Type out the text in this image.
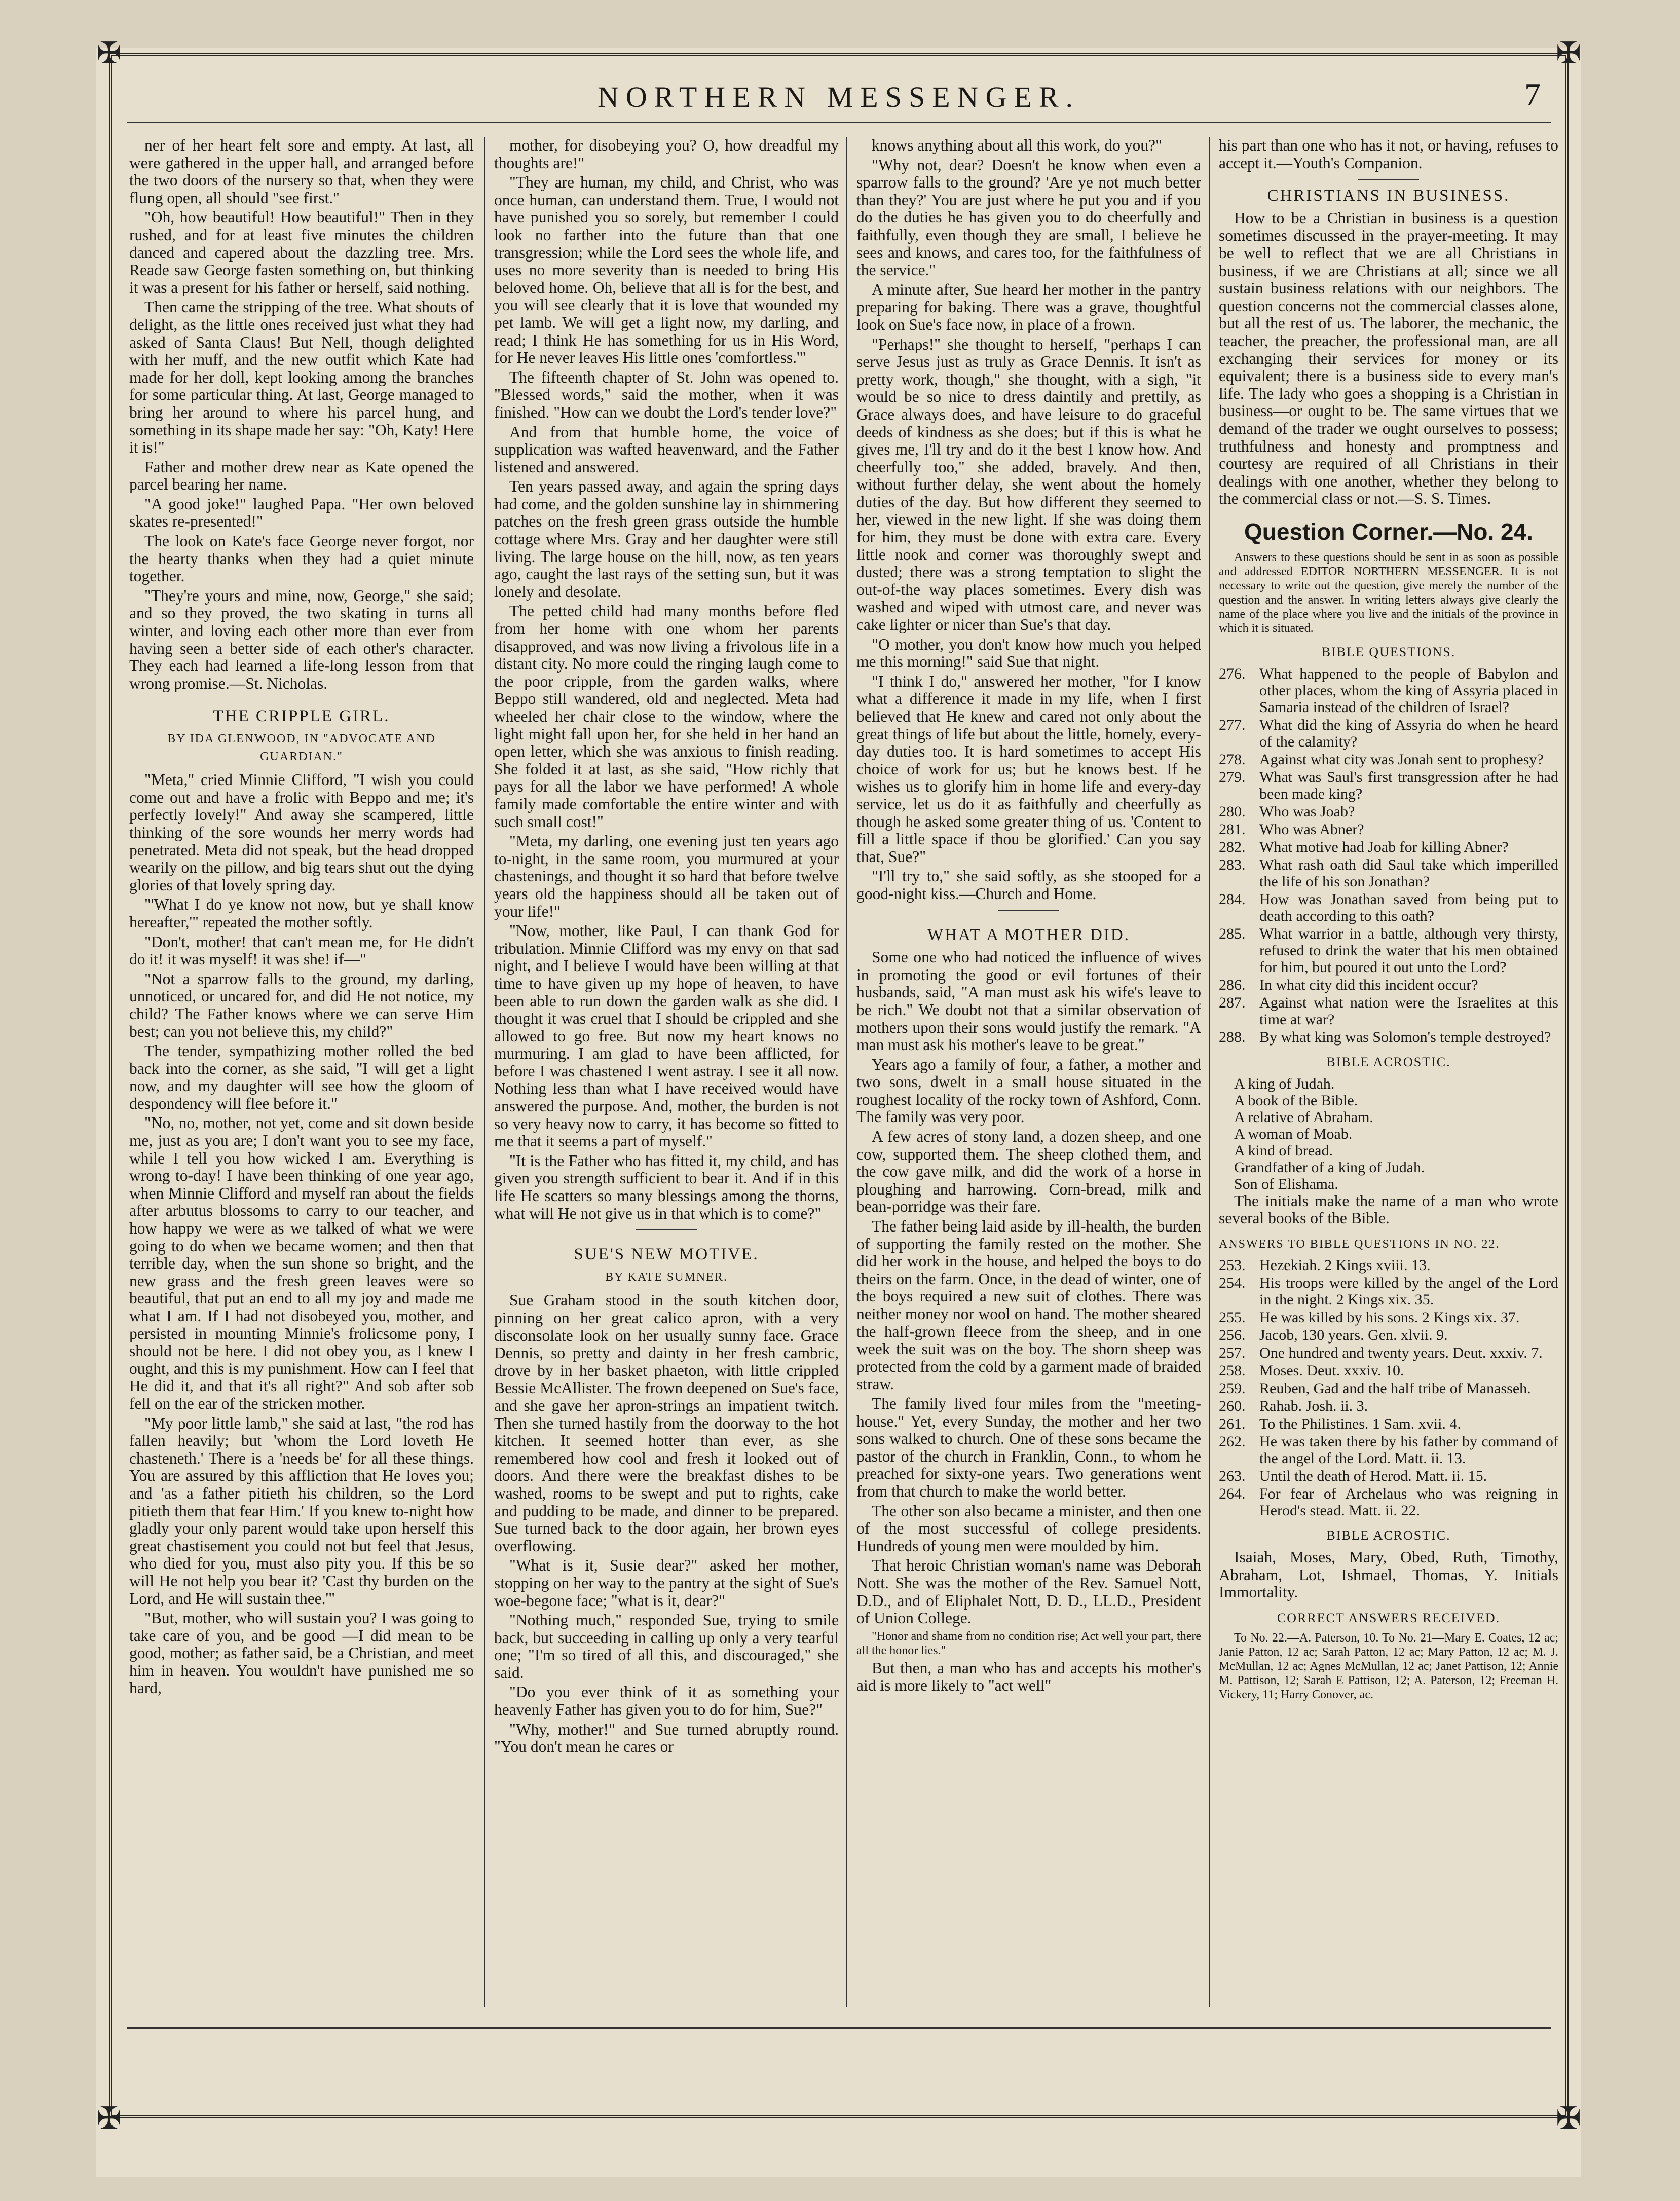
✠	✠
✠	✠
NORTHERN MESSENGER.	7

ner of her heart felt sore and empty. At last, all were gathered in the upper hall, and arranged before the two doors of the nursery so that, when they were flung open, all should "see first."

"Oh, how beautiful! How beautiful!" Then in they rushed, and for at least five minutes the children danced and capered about the dazzling tree. Mrs. Reade saw George fasten something on, but thinking it was a present for his father or herself, said nothing.

Then came the stripping of the tree. What shouts of delight, as the little ones received just what they had asked of Santa Claus! But Nell, though delighted with her muff, and the new outfit which Kate had made for her doll, kept looking among the branches for some particular thing. At last, George managed to bring her around to where his parcel hung, and something in its shape made her say: "Oh, Katy! Here it is!"

Father and mother drew near as Kate opened the parcel bearing her name.

"A good joke!" laughed Papa. "Her own beloved skates re-presented!"

The look on Kate's face George never forgot, nor the hearty thanks when they had a quiet minute together.

"They're yours and mine, now, George," she said; and so they proved, the two skating in turns all winter, and loving each other more than ever from having seen a better side of each other's character. They each had learned a life-long lesson from that wrong promise.—St. Nicholas.

THE CRIPPLE GIRL.
BY IDA GLENWOOD, IN "ADVOCATE AND GUARDIAN."

"Meta," cried Minnie Clifford, "I wish you could come out and have a frolic with Beppo and me; it's perfectly lovely!" And away she scampered, little thinking of the sore wounds her merry words had penetrated. Meta did not speak, but the head dropped wearily on the pillow, and big tears shut out the dying glories of that lovely spring day.

"'What I do ye know not now, but ye shall know hereafter,'" repeated the mother softly.

"Don't, mother! that can't mean me, for He didn't do it! it was myself! it was she! if—"

"Not a sparrow falls to the ground, my darling, unnoticed, or uncared for, and did He not notice, my child? The Father knows where we can serve Him best; can you not believe this, my child?"

The tender, sympathizing mother rolled the bed back into the corner, as she said, "I will get a light now, and my daughter will see how the gloom of despondency will flee before it."

"No, no, mother, not yet, come and sit down beside me, just as you are; I don't want you to see my face, while I tell you how wicked I am. Everything is wrong to-day! I have been thinking of one year ago, when Minnie Clifford and myself ran about the fields after arbutus blossoms to carry to our teacher, and how happy we were as we talked of what we were going to do when we became women; and then that terrible day, when the sun shone so bright, and the new grass and the fresh green leaves were so beautiful, that put an end to all my joy and made me what I am. If I had not disobeyed you, mother, and persisted in mounting Minnie's frolicsome pony, I should not be here. I did not obey you, as I knew I ought, and this is my punishment. How can I feel that He did it, and that it's all right?" And sob after sob fell on the ear of the stricken mother.

"My poor little lamb," she said at last, "the rod has fallen heavily; but 'whom the Lord loveth He chasteneth.' There is a 'needs be' for all these things. You are assured by this affliction that He loves you; and 'as a father pitieth his children, so the Lord pitieth them that fear Him.' If you knew to-night how gladly your only parent would take upon herself this great chastisement you could not but feel that Jesus, who died for you, must also pity you. If this be so will He not help you bear it? 'Cast thy burden on the Lord, and He will sustain thee.'"

"But, mother, who will sustain you? I was going to take care of you, and be good —I did mean to be good, mother; as father said, be a Christian, and meet him in heaven. You wouldn't have punished me so hard,

mother, for disobeying you? O, how dreadful my thoughts are!"

"They are human, my child, and Christ, who was once human, can understand them. True, I would not have punished you so sorely, but remember I could look no farther into the future than that one transgression; while the Lord sees the whole life, and uses no more severity than is needed to bring His beloved home. Oh, believe that all is for the best, and you will see clearly that it is love that wounded my pet lamb. We will get a light now, my darling, and read; I think He has something for us in His Word, for He never leaves His little ones 'comfortless.'"

The fifteenth chapter of St. John was opened to. "Blessed words," said the mother, when it was finished. "How can we doubt the Lord's tender love?"

And from that humble home, the voice of supplication was wafted heavenward, and the Father listened and answered.

Ten years passed away, and again the spring days had come, and the golden sunshine lay in shimmering patches on the fresh green grass outside the humble cottage where Mrs. Gray and her daughter were still living. The large house on the hill, now, as ten years ago, caught the last rays of the setting sun, but it was lonely and desolate.

The petted child had many months before fled from her home with one whom her parents disapproved, and was now living a frivolous life in a distant city. No more could the ringing laugh come to the poor cripple, from the garden walks, where Beppo still wandered, old and neglected. Meta had wheeled her chair close to the window, where the light might fall upon her, for she held in her hand an open letter, which she was anxious to finish reading. She folded it at last, as she said, "How richly that pays for all the labor we have performed! A whole family made comfortable the entire winter and with such small cost!"

"Meta, my darling, one evening just ten years ago to-night, in the same room, you murmured at your chastenings, and thought it so hard that before twelve years old the happiness should all be taken out of your life!"

"Now, mother, like Paul, I can thank God for tribulation. Minnie Clifford was my envy on that sad night, and I believe I would have been willing at that time to have given up my hope of heaven, to have been able to run down the garden walk as she did. I thought it was cruel that I should be crippled and she allowed to go free. But now my heart knows no murmuring. I am glad to have been afflicted, for before I was chastened I went astray. I see it all now. Nothing less than what I have received would have answered the purpose. And, mother, the burden is not so very heavy now to carry, it has become so fitted to me that it seems a part of myself."

"It is the Father who has fitted it, my child, and has given you strength sufficient to bear it. And if in this life He scatters so many blessings among the thorns, what will He not give us in that which is to come?"

SUE'S NEW MOTIVE.
BY KATE SUMNER.

Sue Graham stood in the south kitchen door, pinning on her great calico apron, with a very disconsolate look on her usually sunny face. Grace Dennis, so pretty and dainty in her fresh cambric, drove by in her basket phaeton, with little crippled Bessie McAllister. The frown deepened on Sue's face, and she gave her apron-strings an impatient twitch. Then she turned hastily from the doorway to the hot kitchen. It seemed hotter than ever, as she remembered how cool and fresh it looked out of doors. And there were the breakfast dishes to be washed, rooms to be swept and put to rights, cake and pudding to be made, and dinner to be prepared. Sue turned back to the door again, her brown eyes overflowing.

"What is it, Susie dear?" asked her mother, stopping on her way to the pantry at the sight of Sue's woe-begone face; "what is it, dear?"

"Nothing much," responded Sue, trying to smile back, but succeeding in calling up only a very tearful one; "I'm so tired of all this, and discouraged," she said.

"Do you ever think of it as something your heavenly Father has given you to do for him, Sue?"

"Why, mother!" and Sue turned abruptly round. "You don't mean he cares or

knows anything about all this work, do you?"

"Why not, dear? Doesn't he know when even a sparrow falls to the ground? 'Are ye not much better than they?' You are just where he put you and if you do the duties he has given you to do cheerfully and faithfully, even though they are small, I believe he sees and knows, and cares too, for the faithfulness of the service."

A minute after, Sue heard her mother in the pantry preparing for baking. There was a grave, thoughtful look on Sue's face now, in place of a frown.

"Perhaps!" she thought to herself, "perhaps I can serve Jesus just as truly as Grace Dennis. It isn't as pretty work, though," she thought, with a sigh, "it would be so nice to dress daintily and prettily, as Grace always does, and have leisure to do graceful deeds of kindness as she does; but if this is what he gives me, I'll try and do it the best I know how. And cheerfully too," she added, bravely. And then, without further delay, she went about the homely duties of the day. But how different they seemed to her, viewed in the new light. If she was doing them for him, they must be done with extra care. Every little nook and corner was thoroughly swept and dusted; there was a strong temptation to slight the out-of-the way places sometimes. Every dish was washed and wiped with utmost care, and never was cake lighter or nicer than Sue's that day.

"O mother, you don't know how much you helped me this morning!" said Sue that night.

"I think I do," answered her mother, "for I know what a difference it made in my life, when I first believed that He knew and cared not only about the great things of life but about the little, homely, every-day duties too. It is hard sometimes to accept His choice of work for us; but he knows best. If he wishes us to glorify him in home life and every-day service, let us do it as faithfully and cheerfully as though he asked some greater thing of us. 'Content to fill a little space if thou be glorified.' Can you say that, Sue?"

"I'll try to," she said softly, as she stooped for a good-night kiss.—Church and Home.

WHAT A MOTHER DID.

Some one who had noticed the influence of wives in promoting the good or evil fortunes of their husbands, said, "A man must ask his wife's leave to be rich." We doubt not that a similar observation of mothers upon their sons would justify the remark. "A man must ask his mother's leave to be great."

Years ago a family of four, a father, a mother and two sons, dwelt in a small house situated in the roughest locality of the rocky town of Ashford, Conn. The family was very poor.

A few acres of stony land, a dozen sheep, and one cow, supported them. The sheep clothed them, and the cow gave milk, and did the work of a horse in ploughing and harrowing. Corn-bread, milk and bean-porridge was their fare.

The father being laid aside by ill-health, the burden of supporting the family rested on the mother. She did her work in the house, and helped the boys to do theirs on the farm. Once, in the dead of winter, one of the boys required a new suit of clothes. There was neither money nor wool on hand. The mother sheared the half-grown fleece from the sheep, and in one week the suit was on the boy. The shorn sheep was protected from the cold by a garment made of braided straw.

The family lived four miles from the "meeting-house." Yet, every Sunday, the mother and her two sons walked to church. One of these sons became the pastor of the church in Franklin, Conn., to whom he preached for sixty-one years. Two generations went from that church to make the world better.

The other son also became a minister, and then one of the most successful of college presidents. Hundreds of young men were moulded by him.

That heroic Christian woman's name was Deborah Nott. She was the mother of the Rev. Samuel Nott, D.D., and of Eliphalet Nott, D. D., LL.D., President of Union College.

"Honor and shame from no condition rise; Act well your part, there all the honor lies."

But then, a man who has and accepts his mother's aid is more likely to "act well"

his part than one who has it not, or having, refuses to accept it.—Youth's Companion.

CHRISTIANS IN BUSINESS.

How to be a Christian in business is a question sometimes discussed in the prayer-meeting. It may be well to reflect that we are all Christians in business, if we are Christians at all; since we all sustain business relations with our neighbors. The question concerns not the commercial classes alone, but all the rest of us. The laborer, the mechanic, the teacher, the preacher, the professional man, are all exchanging their services for money or its equivalent; there is a business side to every man's life. The lady who goes a shopping is a Christian in business—or ought to be. The same virtues that we demand of the trader we ought ourselves to possess; truthfulness and honesty and promptness and courtesy are required of all Christians in their dealings with one another, whether they belong to the commercial class or not.—S. S. Times.

Question Corner.—No. 24.

Answers to these questions should be sent in as soon as possible and addressed EDITOR NORTHERN MESSENGER. It is not necessary to write out the question, give merely the number of the question and the answer. In writing letters always give clearly the name of the place where you live and the initials of the province in which it is situated.

BIBLE QUESTIONS.
276. What happened to the people of Babylon and other places, whom the king of Assyria placed in Samaria instead of the children of Israel?
277. What did the king of Assyria do when he heard of the calamity?
278. Against what city was Jonah sent to prophesy?
279. What was Saul's first transgression after he had been made king?
280. Who was Joab?
281. Who was Abner?
282. What motive had Joab for killing Abner?
283. What rash oath did Saul take which imperilled the life of his son Jonathan?
284. How was Jonathan saved from being put to death according to this oath?
285. What warrior in a battle, although very thirsty, refused to drink the water that his men obtained for him, but poured it out unto the Lord?
286. In what city did this incident occur?
287. Against what nation were the Israelites at this time at war?
288. By what king was Solomon's temple destroyed?
BIBLE ACROSTIC.
A king of Judah.
A book of the Bible.
A relative of Abraham.
A woman of Moab.
A kind of bread.
Grandfather of a king of Judah.
Son of Elishama.

The initials make the name of a man who wrote several books of the Bible.

ANSWERS TO BIBLE QUESTIONS IN NO. 22.
253. Hezekiah. 2 Kings xviii. 13.
254. His troops were killed by the angel of the Lord in the night. 2 Kings xix. 35.
255. He was killed by his sons. 2 Kings xix. 37.
256. Jacob, 130 years. Gen. xlvii. 9.
257. One hundred and twenty years. Deut. xxxiv. 7.
258. Moses. Deut. xxxiv. 10.
259. Reuben, Gad and the half tribe of Manasseh.
260. Rahab. Josh. ii. 3.
261. To the Philistines. 1 Sam. xvii. 4.
262. He was taken there by his father by command of the angel of the Lord. Matt. ii. 13.
263. Until the death of Herod. Matt. ii. 15.
264. For fear of Archelaus who was reigning in Herod's stead. Matt. ii. 22.
BIBLE ACROSTIC.

Isaiah, Moses, Mary, Obed, Ruth, Timothy, Abraham, Lot, Ishmael, Thomas, Y. Initials Immortality.

CORRECT ANSWERS RECEIVED.

To No. 22.—A. Paterson, 10. To No. 21—Mary E. Coates, 12 ac; Janie Patton, 12 ac; Sarah Patton, 12 ac; Mary Patton, 12 ac; M. J. McMullan, 12 ac; Agnes McMullan, 12 ac; Janet Pattison, 12; Annie M. Pattison, 12; Sarah E Pattison, 12; A. Paterson, 12; Freeman H. Vickery, 11; Harry Conover, ac.
